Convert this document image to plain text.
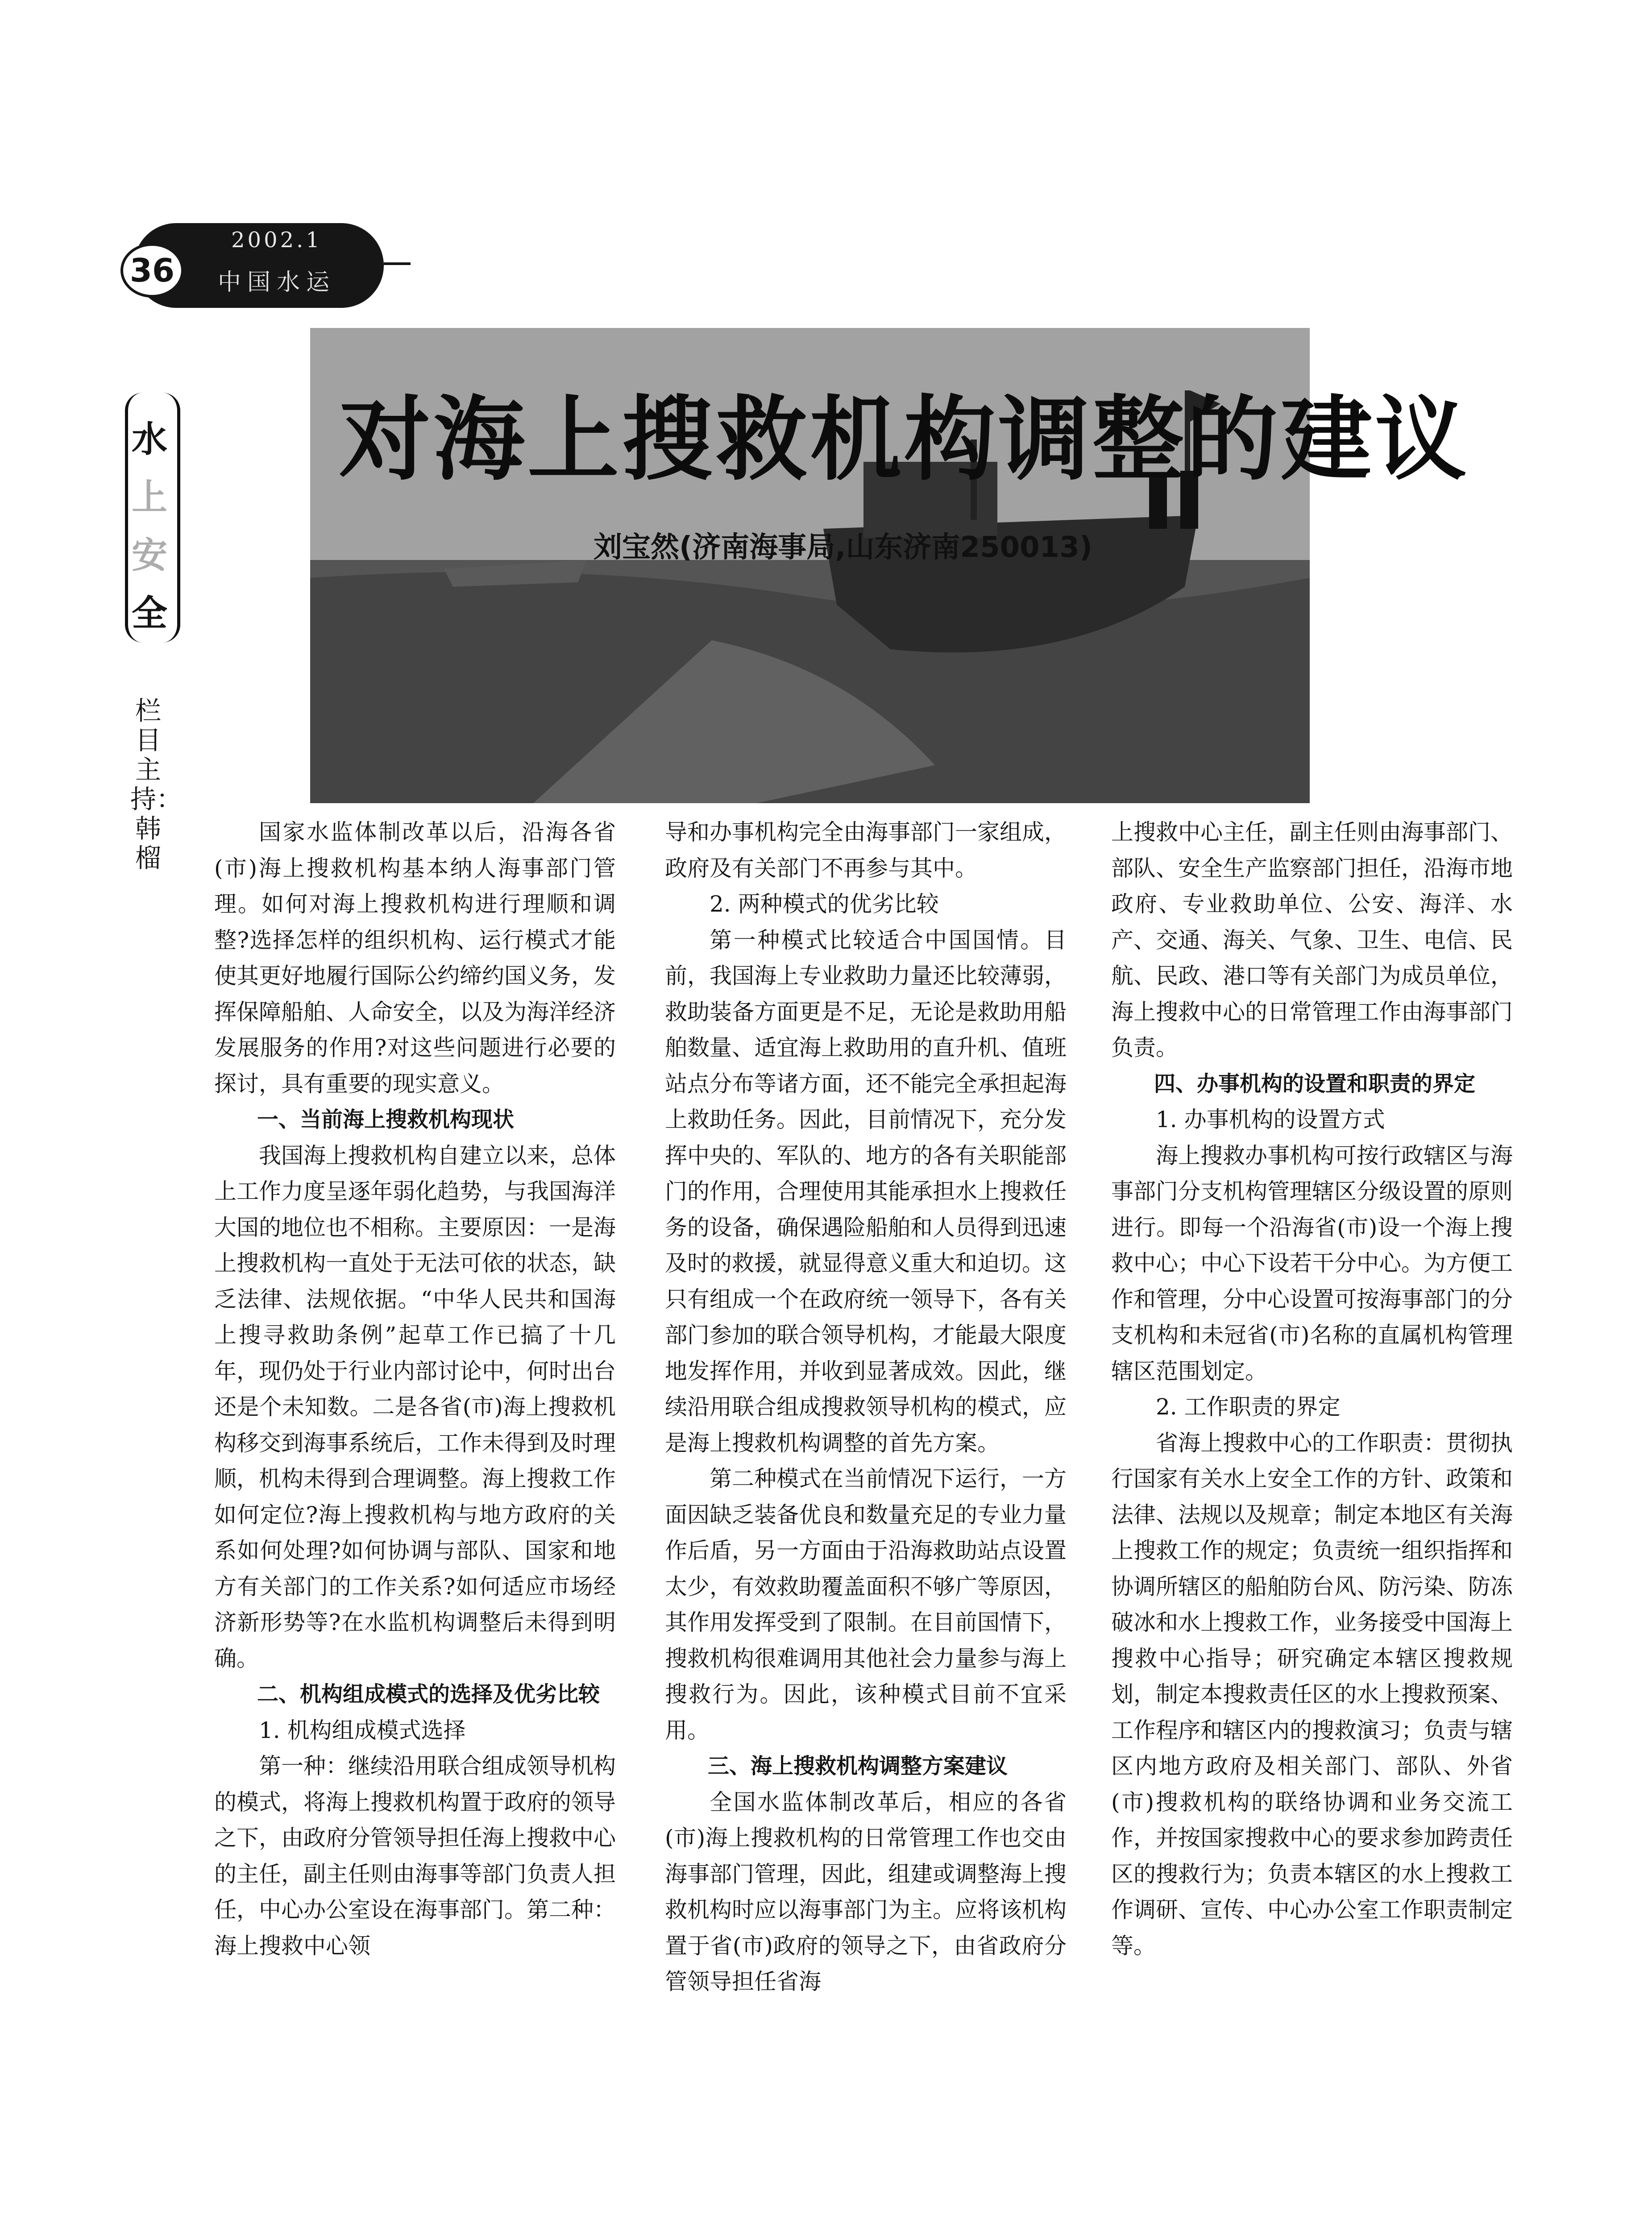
36
2002.1
中国水运
水
上
安
全
栏目主持：韩榴
对海上搜救机构调整的建议
刘宝然(济南海事局,山东济南250013)

国家水监体制改革以后，沿海各省(市)海上搜救机构基本纳人海事部门管理。如何对海上搜救机构进行理顺和调整?选择怎样的组织机构、运行模式才能使其更好地履行国际公约缔约国义务，发挥保障船舶、人命安全，以及为海洋经济发展服务的作用?对这些问题进行必要的探讨，具有重要的现实意义。

一、当前海上搜救机构现状

我国海上搜救机构自建立以来，总体上工作力度呈逐年弱化趋势，与我国海洋大国的地位也不相称。主要原因：一是海上搜救机构一直处于无法可依的状态，缺乏法律、法规依据。“中华人民共和国海上搜寻救助条例”起草工作已搞了十几年，现仍处于行业内部讨论中，何时出台还是个未知数。二是各省(市)海上搜救机构移交到海事系统后，工作未得到及时理顺，机构未得到合理调整。海上搜救工作如何定位?海上搜救机构与地方政府的关系如何处理?如何协调与部队、国家和地方有关部门的工作关系?如何适应市场经济新形势等?在水监机构调整后未得到明确。

二、机构组成模式的选择及优劣比较

1. 机构组成模式选择

第一种：继续沿用联合组成领导机构的模式，将海上搜救机构置于政府的领导之下，由政府分管领导担任海上搜救中心的主任，副主任则由海事等部门负责人担任，中心办公室设在海事部门。第二种：海上搜救中心领

导和办事机构完全由海事部门一家组成，政府及有关部门不再参与其中。

2. 两种模式的优劣比较

第一种模式比较适合中国国情。目前，我国海上专业救助力量还比较薄弱，救助装备方面更是不足，无论是救助用船舶数量、适宜海上救助用的直升机、值班站点分布等诸方面，还不能完全承担起海上救助任务。因此，目前情况下，充分发挥中央的、军队的、地方的各有关职能部门的作用，合理使用其能承担水上搜救任务的设备，确保遇险船舶和人员得到迅速及时的救援，就显得意义重大和迫切。这只有组成一个在政府统一领导下，各有关部门参加的联合领导机构，才能最大限度地发挥作用，并收到显著成效。因此，继续沿用联合组成搜救领导机构的模式，应是海上搜救机构调整的首先方案。

第二种模式在当前情况下运行，一方面因缺乏装备优良和数量充足的专业力量作后盾，另一方面由于沿海救助站点设置太少，有效救助覆盖面积不够广等原因，其作用发挥受到了限制。在目前国情下，搜救机构很难调用其他社会力量参与海上搜救行为。因此，该种模式目前不宜采用。

三、海上搜救机构调整方案建议

全国水监体制改革后，相应的各省(市)海上搜救机构的日常管理工作也交由海事部门管理，因此，组建或调整海上搜救机构时应以海事部门为主。应将该机构置于省(市)政府的领导之下，由省政府分管领导担任省海

上搜救中心主任，副主任则由海事部门、部队、安全生产监察部门担任，沿海市地政府、专业救助单位、公安、海洋、水产、交通、海关、气象、卫生、电信、民航、民政、港口等有关部门为成员单位，海上搜救中心的日常管理工作由海事部门负责。

四、办事机构的设置和职责的界定

1. 办事机构的设置方式

海上搜救办事机构可按行政辖区与海事部门分支机构管理辖区分级设置的原则进行。即每一个沿海省(市)设一个海上搜救中心；中心下设若干分中心。为方便工作和管理，分中心设置可按海事部门的分支机构和未冠省(市)名称的直属机构管理辖区范围划定。

2. 工作职责的界定

省海上搜救中心的工作职责：贯彻执行国家有关水上安全工作的方针、政策和法律、法规以及规章；制定本地区有关海上搜救工作的规定；负责统一组织指挥和协调所辖区的船舶防台风、防污染、防冻破冰和水上搜救工作，业务接受中国海上搜救中心指导；研究确定本辖区搜救规划，制定本搜救责任区的水上搜救预案、工作程序和辖区内的搜救演习；负责与辖区内地方政府及相关部门、部队、外省(市)搜救机构的联络协调和业务交流工作，并按国家搜救中心的要求参加跨责任区的搜救行为；负责本辖区的水上搜救工作调研、宣传、中心办公室工作职责制定等。
